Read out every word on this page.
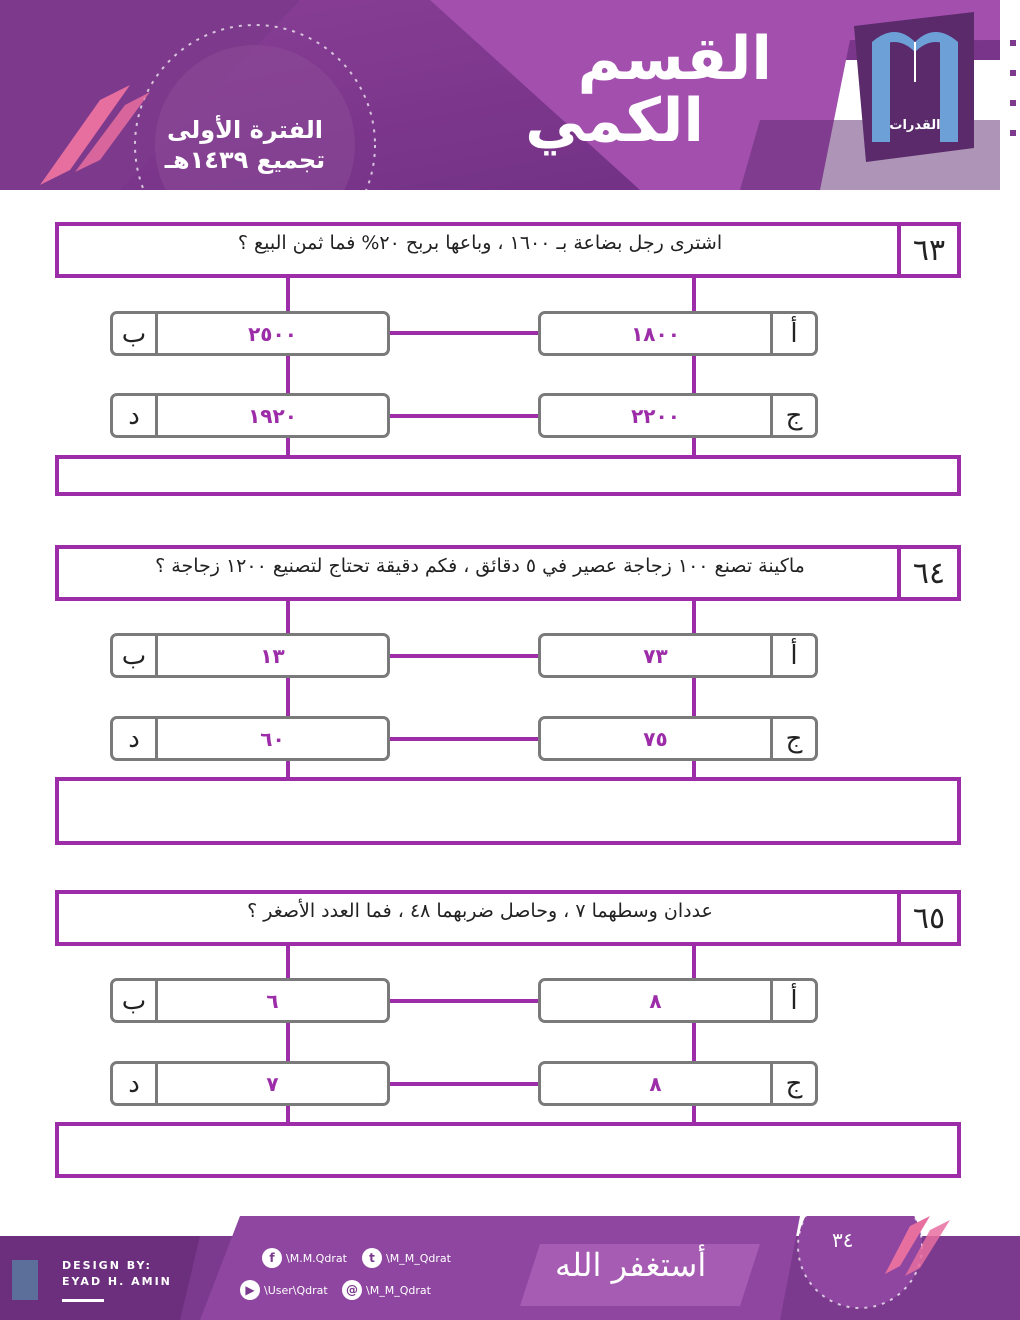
القدرات
القسم
الكمي
الفترة الأولى
تجميع ١٤٣٩هـ
اشترى رجل بضاعة بـ ١٦٠٠ ، وباعها بربح ٢٠% فما ثمن البيع ؟	٦٣
١٨٠٠	أ
٢٥٠٠
ب
٢٢٠٠	ج
١٩٢٠
د
ماكينة تصنع ١٠٠ زجاجة عصير في ٥ دقائق ، فكم دقيقة تحتاج لتصنيع ١٢٠٠ زجاجة ؟	٦٤
٧٣	أ
١٣
ب
٧٥	ج
٦٠
د
عددان وسطهما ٧ ، وحاصل ضربهما ٤٨ ، فما العدد الأصغر ؟	٦٥
٨	أ
٦
ب
٨	ج
٧
د
DESIGN BY:
EYAD H. AMIN
f	\M.M.Qdrat	t	\M_M_Qdrat
▶ \User\Qdrat	@ \M_M_Qdrat
أستغفر الله
٣٤
